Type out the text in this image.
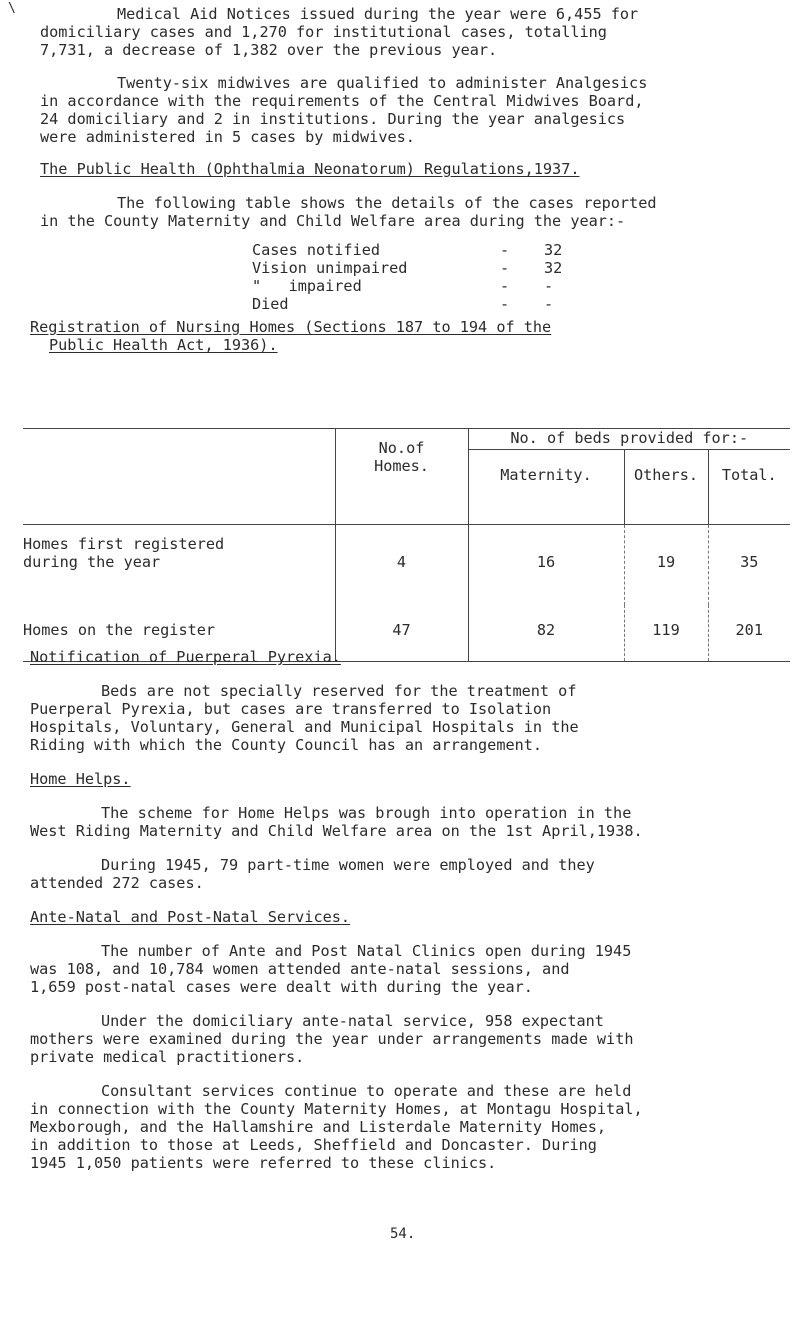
\	Medical Aid Notices issued during the year were 6,455 for
domiciliary cases and 1,270 for institutional cases, totalling
7,731, a decrease of 1,382 over the previous year.
Twenty-six midwives are qualified to administer Analgesics
in accordance with the requirements of the Central Midwives Board,
24 domiciliary and 2 in institutions. During the year analgesics
were administered in 5 cases by midwives.
The Public Health (Ophthalmia Neonatorum) Regulations,1937.
The following table shows the details of the cases reported
in the County Maternity and Child Welfare area during the year:-
Cases notified	-	32
Vision unimpaired	-	32
"   impaired	-	-
Died	-	-
Registration of Nursing Homes (Sections 187 to 194 of the
Public Health Act, 1936).

	No.of
Homes.	No. of beds provided for:-		
		Maternity.	Others.	Total.

Homes first registered
during the year	4	16	19	35
Homes on the register	47	82	119	201

Notification of Puerperal Pyrexia.
Beds are not specially reserved for the treatment of
Puerperal Pyrexia, but cases are transferred to Isolation
Hospitals, Voluntary, General and Municipal Hospitals in the
Riding with which the County Council has an arrangement.
Home Helps.
The scheme for Home Helps was brough into operation in the
West Riding Maternity and Child Welfare area on the 1st April,1938.
During 1945, 79 part-time women were employed and they
attended 272 cases.
Ante-Natal and Post-Natal Services.
The number of Ante and Post Natal Clinics open during 1945
was 108, and 10,784 women attended ante-natal sessions, and
1,659 post-natal cases were dealt with during the year.
Under the domiciliary ante-natal service, 958 expectant
mothers were examined during the year under arrangements made with
private medical practitioners.
Consultant services continue to operate and these are held
in connection with the County Maternity Homes, at Montagu Hospital,
Mexborough, and the Hallamshire and Listerdale Maternity Homes,
in addition to those at Leeds, Sheffield and Doncaster. During
1945 1,050 patients were referred to these clinics.
54.
